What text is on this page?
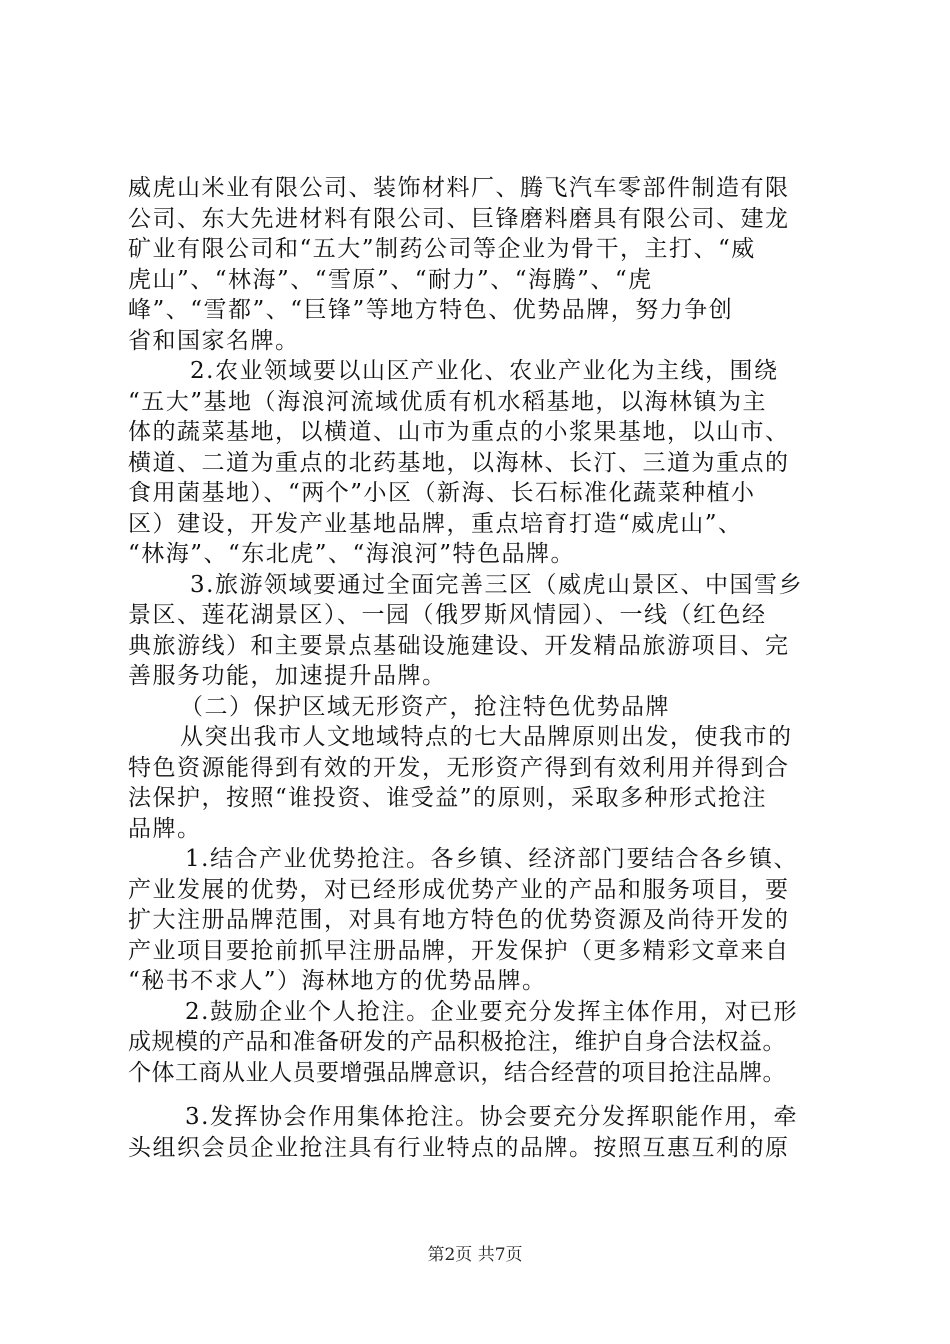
威虎山米业有限公司、装饰材料厂、腾飞汽车零部件制造有限
公司、东大先进材料有限公司、巨锋磨料磨具有限公司、建龙
矿业有限公司和“五大”制药公司等企业为骨干，主打、“威
虎山”、“林海”、“雪原”、“耐力”、“海腾”、“虎
峰”、“雪都”、“巨锋”等地方特色、优势品牌，努力争创
省和国家名牌。
2.农业领域要以山区产业化、农业产业化为主线，围绕
“五大”基地（海浪河流域优质有机水稻基地，以海林镇为主
体的蔬菜基地，以横道、山市为重点的小浆果基地，以山市、
横道、二道为重点的北药基地，以海林、长汀、三道为重点的
食用菌基地）、“两个”小区（新海、长石标准化蔬菜种植小
区）建设，开发产业基地品牌，重点培育打造“威虎山”、
“林海”、“东北虎”、“海浪河”特色品牌。
3.旅游领域要通过全面完善三区（威虎山景区、中国雪乡
景区、莲花湖景区）、一园（俄罗斯风情园）、一线（红色经
典旅游线）和主要景点基础设施建设、开发精品旅游项目、完
善服务功能，加速提升品牌。
（二）保护区域无形资产，抢注特色优势品牌
从突出我市人文地域特点的七大品牌原则出发，使我市的
特色资源能得到有效的开发，无形资产得到有效利用并得到合
法保护，按照“谁投资、谁受益”的原则，采取多种形式抢注
品牌。
1.结合产业优势抢注。各乡镇、经济部门要结合各乡镇、
产业发展的优势，对已经形成优势产业的产品和服务项目，要
扩大注册品牌范围，对具有地方特色的优势资源及尚待开发的
产业项目要抢前抓早注册品牌，开发保护（更多精彩文章来自
“秘书不求人”）海林地方的优势品牌。
2.鼓励企业个人抢注。企业要充分发挥主体作用，对已形
成规模的产品和准备研发的产品积极抢注，维护自身合法权益。
个体工商从业人员要增强品牌意识，结合经营的项目抢注品牌。
3.发挥协会作用集体抢注。协会要充分发挥职能作用，牵
头组织会员企业抢注具有行业特点的品牌。按照互惠互利的原
第2页 共7页
